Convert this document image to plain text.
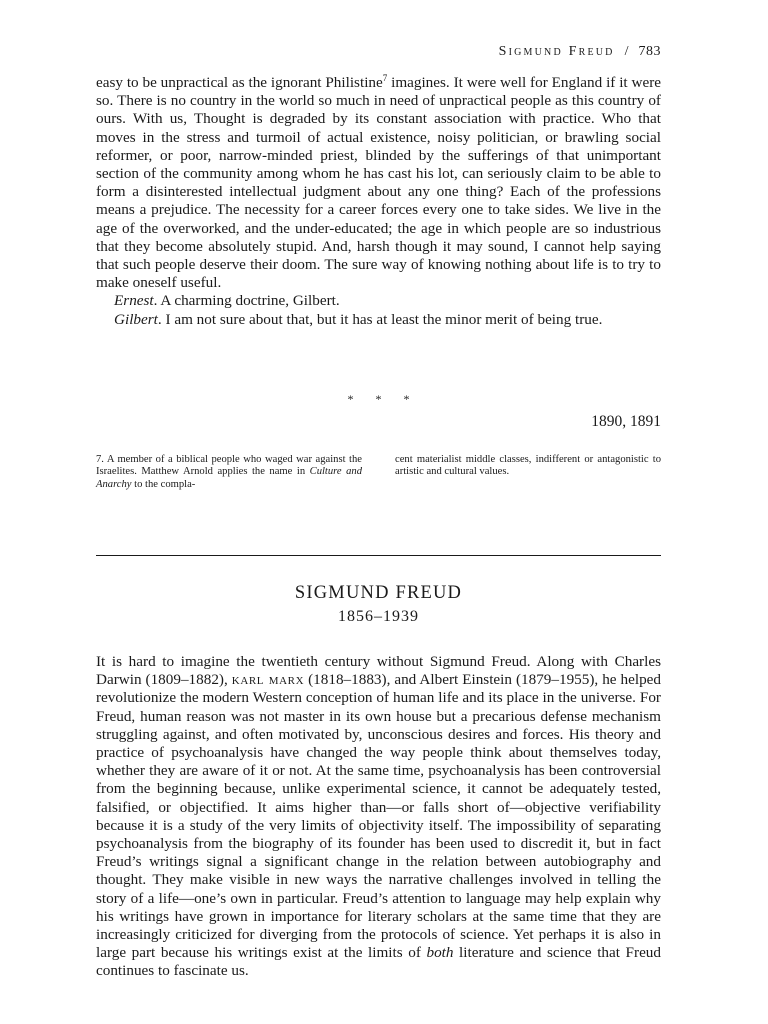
Sigmund Freud / 783

easy to be unpractical as the ignorant Philistine$^7$ imagines. It were well for England if it were so. There is no country in the world so much in need of unpractical people as this country of ours. With us, Thought is degraded by its constant association with practice. Who that moves in the stress and turmoil of actual existence, noisy politician, or brawling social reformer, or poor, narrow-minded priest, blinded by the sufferings of that unimportant section of the community among whom he has cast his lot, can seriously claim to be able to form a disinterested intellectual judgment about any one thing? Each of the professions means a prejudice. The necessity for a career forces every one to take sides. We live in the age of the overworked, and the under-educated; the age in which people are so industrious that they become absolutely stupid. And, harsh though it may sound, I cannot help saying that such people deserve their doom. The sure way of knowing nothing about life is to try to make oneself useful.

Ernest. A charming doctrine, Gilbert.

Gilbert. I am not sure about that, but it has at least the minor merit of being true.

* * *
1890, 1891
7. A member of a biblical people who waged war against the Israelites. Matthew Arnold applies the name in Culture and Anarchy to the compla-
cent materialist middle classes, indifferent or antagonistic to artistic and cultural values.
SIGMUND FREUD
1856–1939

It is hard to imagine the twentieth century without Sigmund Freud. Along with Charles Darwin (1809–1882), karl marx (1818–1883), and Albert Einstein (1879–1955), he helped revolutionize the modern Western conception of human life and its place in the universe. For Freud, human reason was not master in its own house but a precarious defense mechanism struggling against, and often motivated by, unconscious desires and forces. His theory and practice of psychoanalysis have changed the way people think about themselves today, whether they are aware of it or not. At the same time, psychoanalysis has been controversial from the beginning because, unlike experimental science, it cannot be adequately tested, falsified, or objectified. It aims higher than—or falls short of—objective verifiability because it is a study of the very limits of objectivity itself. The impossibility of separating psychoanalysis from the biography of its founder has been used to discredit it, but in fact Freud’s writings signal a significant change in the relation between autobiography and thought. They make visible in new ways the narrative challenges involved in telling the story of a life—one’s own in particular. Freud’s attention to language may help explain why his writings have grown in importance for literary scholars at the same time that they are increasingly criticized for diverging from the protocols of science. Yet perhaps it is also in large part because his writings exist at the limits of both literature and science that Freud continues to fascinate us.
